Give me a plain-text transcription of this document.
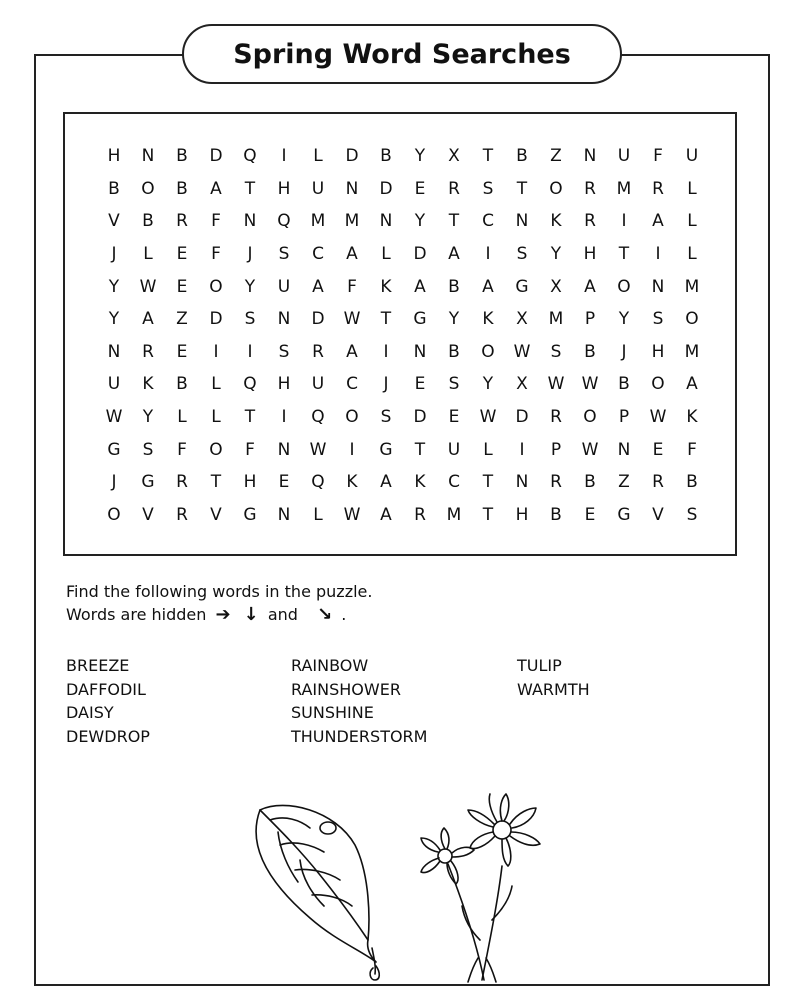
Spring Word Searches
H	N	B	D	Q	I	L	D	B	Y	X	T	B	Z	N	U	F	U
B	O	B	A	T	H	U	N	D	E	R	S	T	O	R	M	R	L
V	B	R	F	N	Q	M	M	N	Y	T	C	N	K	R	I	A	L
J	L	E	F	J	S	C	A	L	D	A	I	S	Y	H	T	I	L
Y	W	E	O	Y	U	A	F	K	A	B	A	G	X	A	O	N	M
Y	A	Z	D	S	N	D	W	T	G	Y	K	X	M	P	Y	S	O
N	R	E	I	I	S	R	A	I	N	B	O	W	S	B	J	H	M
U	K	B	L	Q	H	U	C	J	E	S	Y	X	W	W	B	O	A
W	Y	L	L	T	I	Q	O	S	D	E	W	D	R	O	P	W	K
G	S	F	O	F	N	W	I	G	T	U	L	I	P	W	N	E	F
J	G	R	T	H	E	Q	K	A	K	C	T	N	R	B	Z	R	B
O	V	R	V	G	N	L	W	A	R	M	T	H	B	E	G	V	S
Find the following words in the puzzle.
Words are hidden ➔ ↓ and ↘ .
BREEZE
DAFFODIL
DAISY
DEWDROP
RAINBOW
RAINSHOWER
SUNSHINE
THUNDERSTORM
TULIP
WARMTH
